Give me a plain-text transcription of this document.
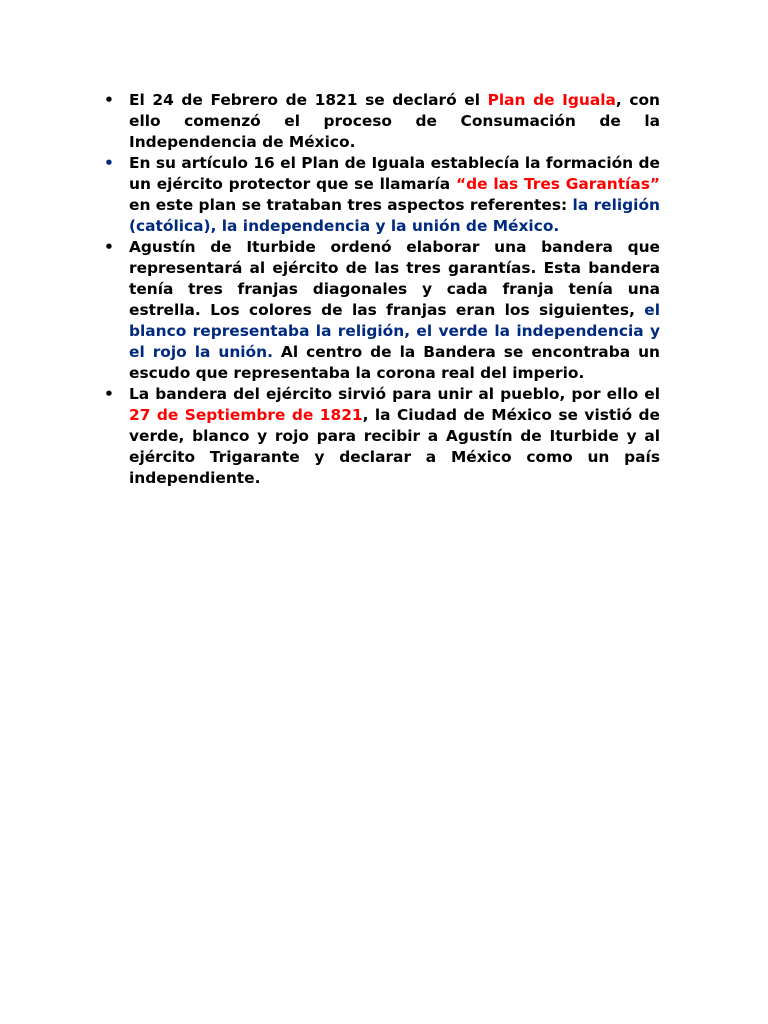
• El 24 de Febrero de 1821 se declaró el Plan de Iguala, con ello comenzó el proceso de Consumación de la Independencia de México.
• En su artículo 16 el Plan de Iguala establecía la formación de un ejército protector que se llamaría “de las Tres Garantías” en este plan se trataban tres aspectos referentes: la religión (católica), la independencia y la unión de México.
• Agustín de Iturbide ordenó elaborar una bandera que representará al ejército de las tres garantías. Esta bandera tenía tres franjas diagonales y cada franja tenía una estrella. Los colores de las franjas eran los siguientes, el blanco representaba la religión, el verde la independencia y el rojo la unión. Al centro de la Bandera se encontraba un escudo que representaba la corona real del imperio.
• La bandera del ejército sirvió para unir al pueblo, por ello el 27 de Septiembre de 1821, la Ciudad de México se vistió de verde, blanco y rojo para recibir a Agustín de Iturbide y al ejército Trigarante y declarar a México como un país independiente.
